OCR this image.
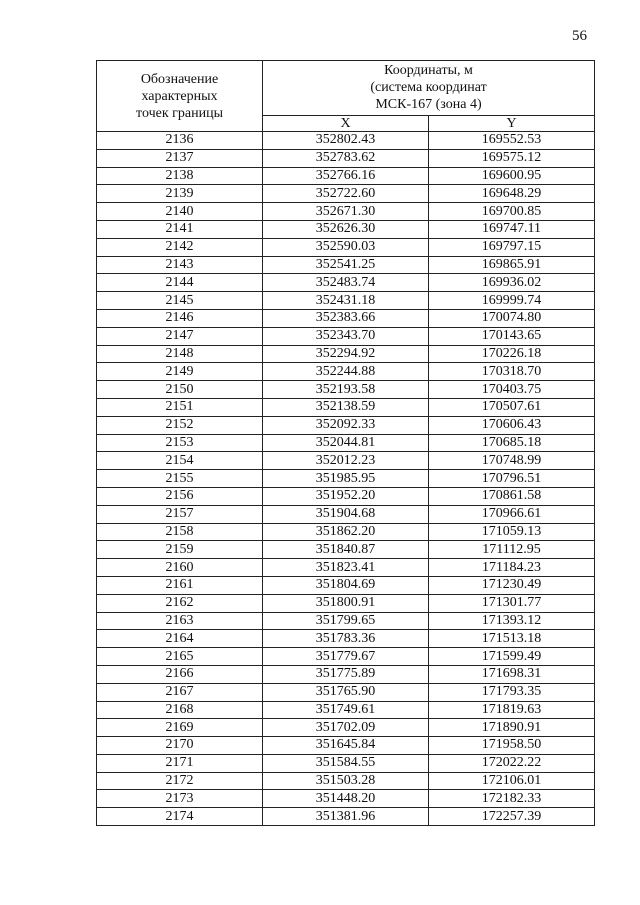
56
Обозначение
характерных
точек границы	Координаты, м
(система координат
МСК-167 (зона 4)	
	X	Y
2136	352802.43	169552.53
2137	352783.62	169575.12
2138	352766.16	169600.95
2139	352722.60	169648.29
2140	352671.30	169700.85
2141	352626.30	169747.11
2142	352590.03	169797.15
2143	352541.25	169865.91
2144	352483.74	169936.02
2145	352431.18	169999.74
2146	352383.66	170074.80
2147	352343.70	170143.65
2148	352294.92	170226.18
2149	352244.88	170318.70
2150	352193.58	170403.75
2151	352138.59	170507.61
2152	352092.33	170606.43
2153	352044.81	170685.18
2154	352012.23	170748.99
2155	351985.95	170796.51
2156	351952.20	170861.58
2157	351904.68	170966.61
2158	351862.20	171059.13
2159	351840.87	171112.95
2160	351823.41	171184.23
2161	351804.69	171230.49
2162	351800.91	171301.77
2163	351799.65	171393.12
2164	351783.36	171513.18
2165	351779.67	171599.49
2166	351775.89	171698.31
2167	351765.90	171793.35
2168	351749.61	171819.63
2169	351702.09	171890.91
2170	351645.84	171958.50
2171	351584.55	172022.22
2172	351503.28	172106.01
2173	351448.20	172182.33
2174	351381.96	172257.39
